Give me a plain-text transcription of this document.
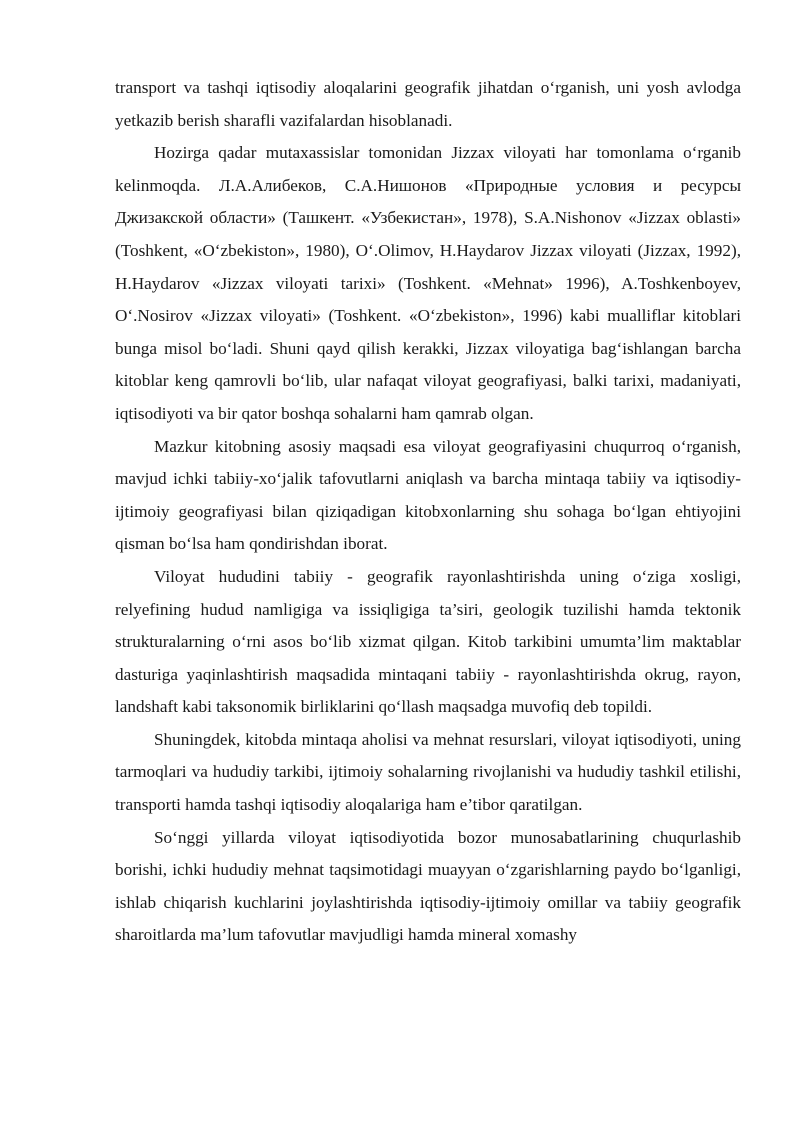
transport va tashqi iqtisodiy aloqalarini geografik jihatdan o‘rganish, uni yosh avlodga yetkazib berish sharafli vazifalardan hisoblanadi.

Hozirga qadar mutaxassislar tomonidan Jizzax viloyati har tomonlama o‘rganib kelinmoqda. Л.А.Алибеков, С.А.Нишонов «Природные условия и ресурсы Джизакской области» (Ташкент. «Узбекистан», 1978), S.A.Nishonov «Jizzax oblasti» (Toshkent, «O‘zbekiston», 1980), O‘.Olimov, H.Haydarov Jizzax viloyati (Jizzax, 1992), H.Haydarov «Jizzax viloyati tarixi» (Toshkent. «Mehnat» 1996), A.Toshkenboyev, O‘.Nosirov «Jizzax viloyati» (Toshkent. «O‘zbekiston», 1996) kabi mualliflar kitoblari bunga misol bo‘ladi. Shuni qayd qilish kerakki, Jizzax viloyatiga bag‘ishlangan barcha kitoblar keng qamrovli bo‘lib, ular nafaqat viloyat geografiyasi, balki tarixi, madaniyati, iqtisodiyoti va bir qator boshqa sohalarni ham qamrab olgan.

Mazkur kitobning asosiy maqsadi esa viloyat geografiyasini chuqurroq o‘rganish, mavjud ichki tabiiy-xo‘jalik tafovutlarni aniqlash va barcha mintaqa tabiiy va iqtisodiy-ijtimoiy geografiyasi bilan qiziqadigan kitobxonlarning shu sohaga bo‘lgan ehtiyojini qisman bo‘lsa ham qondirishdan iborat.

Viloyat hududini tabiiy - geografik rayonlashtirishda uning o‘ziga xosligi, relyefining hudud namligiga va issiqligiga ta’siri, geologik tuzilishi hamda tektonik strukturalarning o‘rni asos bo‘lib xizmat qilgan. Kitob tarkibini umumta’lim maktablar dasturiga yaqinlashtirish maqsadida mintaqani tabiiy - rayonlashtirishda okrug, rayon, landshaft kabi taksonomik birliklarini qo‘llash maqsadga muvofiq deb topildi.

Shuningdek, kitobda mintaqa aholisi va mehnat resurslari, viloyat iqtisodiyoti, uning tarmoqlari va hududiy tarkibi, ijtimoiy sohalarning rivojlanishi va hududiy tashkil etilishi, transporti hamda tashqi iqtisodiy aloqalariga ham e’tibor qaratilgan.

So‘nggi yillarda viloyat iqtisodiyotida bozor munosabatlarining chuqurlashib borishi, ichki hududiy mehnat taqsimotidagi muayyan o‘zgarishlarning paydo bo‘lganligi, ishlab chiqarish kuchlarini joylashtirishda iqtisodiy-ijtimoiy omillar va tabiiy geografik sharoitlarda ma’lum tafovutlar mavjudligi hamda mineral xomashy
